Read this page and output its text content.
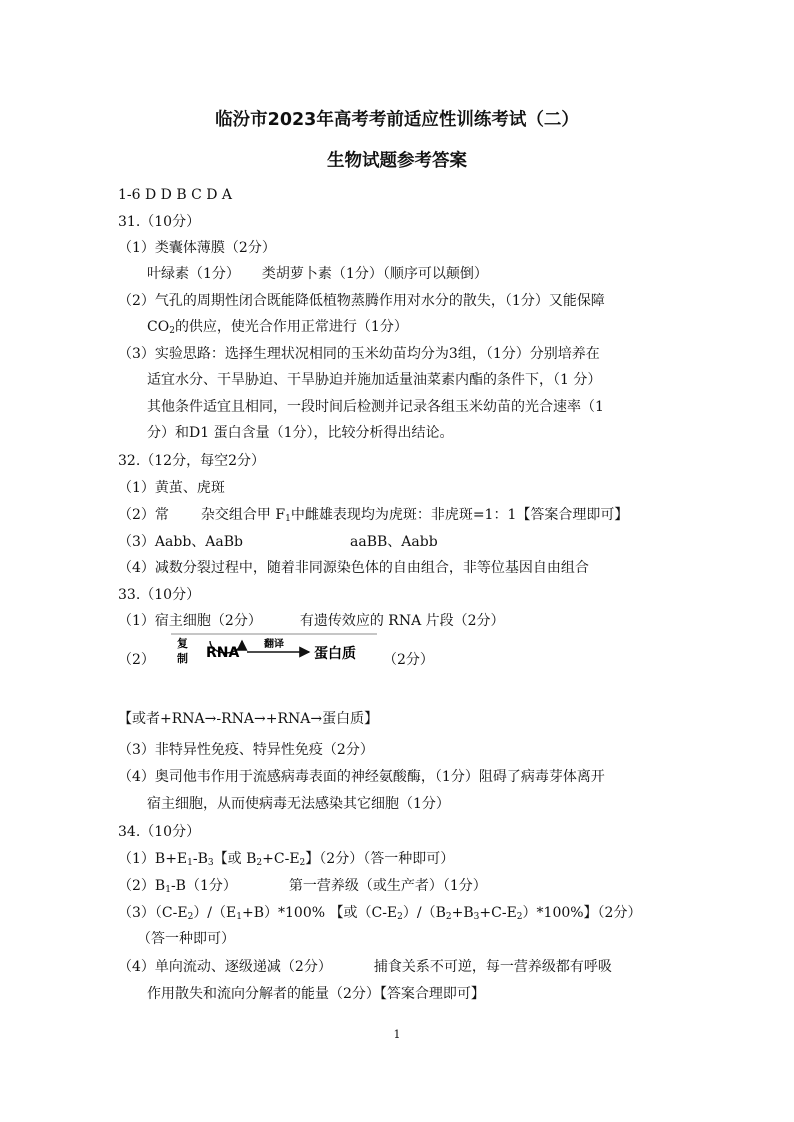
临汾市2023年高考考前适应性训练考试（二）
生物试题参考答案
1-6 D D B C D A
31.（10分）
（1）类囊体薄膜（2分）
叶绿素（1分） 类胡萝卜素（1分）（顺序可以颠倒）
（2）气孔的周期性闭合既能降低植物蒸腾作用对水分的散失，（1分）又能保障
$CO_2$的供应，使光合作用正常进行（1分）
（3）实验思路：选择生理状况相同的玉米幼苗均分为3组，（1分）分别培养在
适宜水分、干旱胁迫、干旱胁迫并施加适量油菜素内酯的条件下，（1 分）
其他条件适宜且相同，一段时间后检测并记录各组玉米幼苗的光合速率（1
分）和D1 蛋白含量（1分），比较分析得出结论。
32.（12分，每空2分）
（1）黄茧、虎斑
（2）常 杂交组合甲 $F_1$中雌雄表现均为虎斑：非虎斑=1：1【答案合理即可】
（3）Aabb、AaBb	aaBB、Aabb
（4）减数分裂过程中，随着非同源染色体的自由组合，非等位基因自由组合
33.（10分）
（1）宿主细胞（2分）	有遗传效应的 RNA 片段（2分）
（2）
复
制 RNA
翻译
蛋白质 （2分）
【或者+RNA→-RNA→+RNA→蛋白质】
（3）非特异性免疫、特异性免疫（2分）
（4）奥司他韦作用于流感病毒表面的神经氨酸酶，（1分）阻碍了病毒芽体离开
宿主细胞，从而使病毒无法感染其它细胞（1分）
34.（10分）
$(1)B+E_1-B_3$【或 $B_2+C-E_2$】（2分）（答一种即可）
$(2)B_1-B(1$分）	第一营养级（或生产者）（1分）
$(3)(C-E_2)/(E_1+B)*100\%$ 【或$(C-E_2)/(B_2+B_3+C-E_2)*100\%$】（2分）
（答一种即可）
（4）单向流动、逐级递减（2分）	捕食关系不可逆，每一营养级都有呼吸
作用散失和流向分解者的能量（2分）【答案合理即可】
1
